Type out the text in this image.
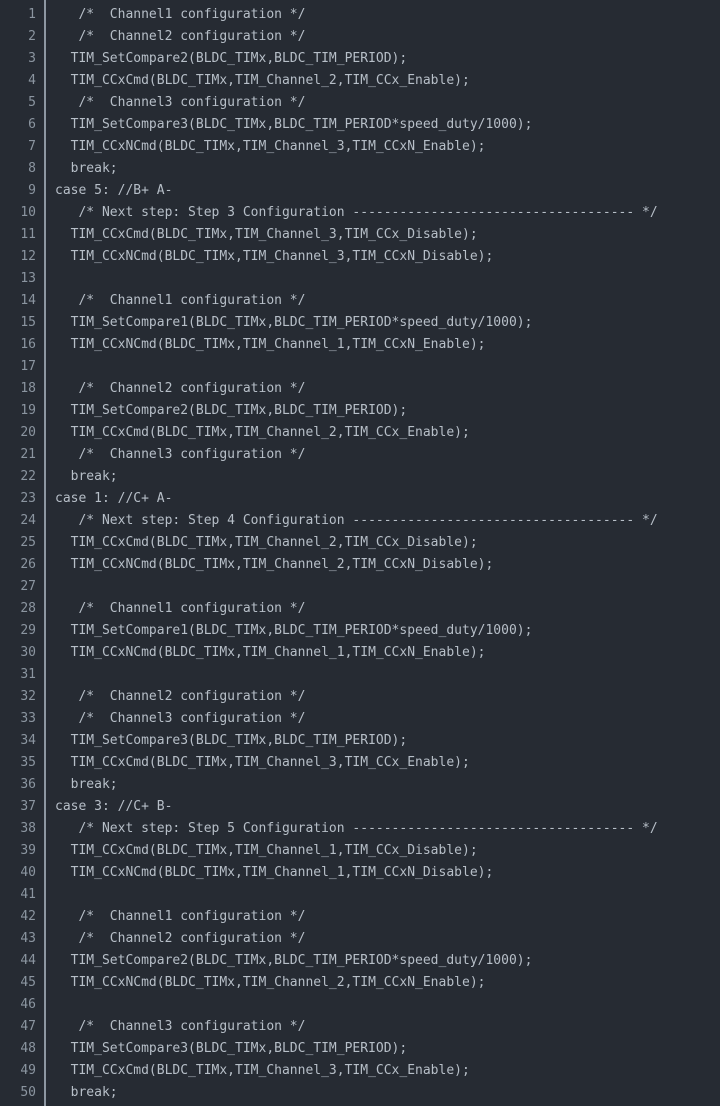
1	/*  Channel1 configuration */
2	/*  Channel2 configuration */
3	TIM_SetCompare2(BLDC_TIMx,BLDC_TIM_PERIOD);
4	TIM_CCxCmd(BLDC_TIMx,TIM_Channel_2,TIM_CCx_Enable);
5	/*  Channel3 configuration */
6	TIM_SetCompare3(BLDC_TIMx,BLDC_TIM_PERIOD*speed_duty/1000);
7	TIM_CCxNCmd(BLDC_TIMx,TIM_Channel_3,TIM_CCxN_Enable);
8	break;
9	case 5: //B+ A-
10	/* Next step: Step 3 Configuration ------------------------------------ */
11	TIM_CCxCmd(BLDC_TIMx,TIM_Channel_3,TIM_CCx_Disable);
12	TIM_CCxNCmd(BLDC_TIMx,TIM_Channel_3,TIM_CCxN_Disable);
13
14	/*  Channel1 configuration */
15	TIM_SetCompare1(BLDC_TIMx,BLDC_TIM_PERIOD*speed_duty/1000);
16	TIM_CCxNCmd(BLDC_TIMx,TIM_Channel_1,TIM_CCxN_Enable);
17
18	/*  Channel2 configuration */
19	TIM_SetCompare2(BLDC_TIMx,BLDC_TIM_PERIOD);
20	TIM_CCxCmd(BLDC_TIMx,TIM_Channel_2,TIM_CCx_Enable);
21	/*  Channel3 configuration */
22	break;
23	case 1: //C+ A-
24	/* Next step: Step 4 Configuration ------------------------------------ */
25	TIM_CCxCmd(BLDC_TIMx,TIM_Channel_2,TIM_CCx_Disable);
26	TIM_CCxNCmd(BLDC_TIMx,TIM_Channel_2,TIM_CCxN_Disable);
27
28	/*  Channel1 configuration */
29	TIM_SetCompare1(BLDC_TIMx,BLDC_TIM_PERIOD*speed_duty/1000);
30	TIM_CCxNCmd(BLDC_TIMx,TIM_Channel_1,TIM_CCxN_Enable);
31
32	/*  Channel2 configuration */
33	/*  Channel3 configuration */
34	TIM_SetCompare3(BLDC_TIMx,BLDC_TIM_PERIOD);
35	TIM_CCxCmd(BLDC_TIMx,TIM_Channel_3,TIM_CCx_Enable);
36	break;
37	case 3: //C+ B-
38	/* Next step: Step 5 Configuration ------------------------------------ */
39	TIM_CCxCmd(BLDC_TIMx,TIM_Channel_1,TIM_CCx_Disable);
40	TIM_CCxNCmd(BLDC_TIMx,TIM_Channel_1,TIM_CCxN_Disable);
41
42	/*  Channel1 configuration */
43	/*  Channel2 configuration */
44	TIM_SetCompare2(BLDC_TIMx,BLDC_TIM_PERIOD*speed_duty/1000);
45	TIM_CCxNCmd(BLDC_TIMx,TIM_Channel_2,TIM_CCxN_Enable);
46
47	/*  Channel3 configuration */
48	TIM_SetCompare3(BLDC_TIMx,BLDC_TIM_PERIOD);
49	TIM_CCxCmd(BLDC_TIMx,TIM_Channel_3,TIM_CCx_Enable);
50	break;
